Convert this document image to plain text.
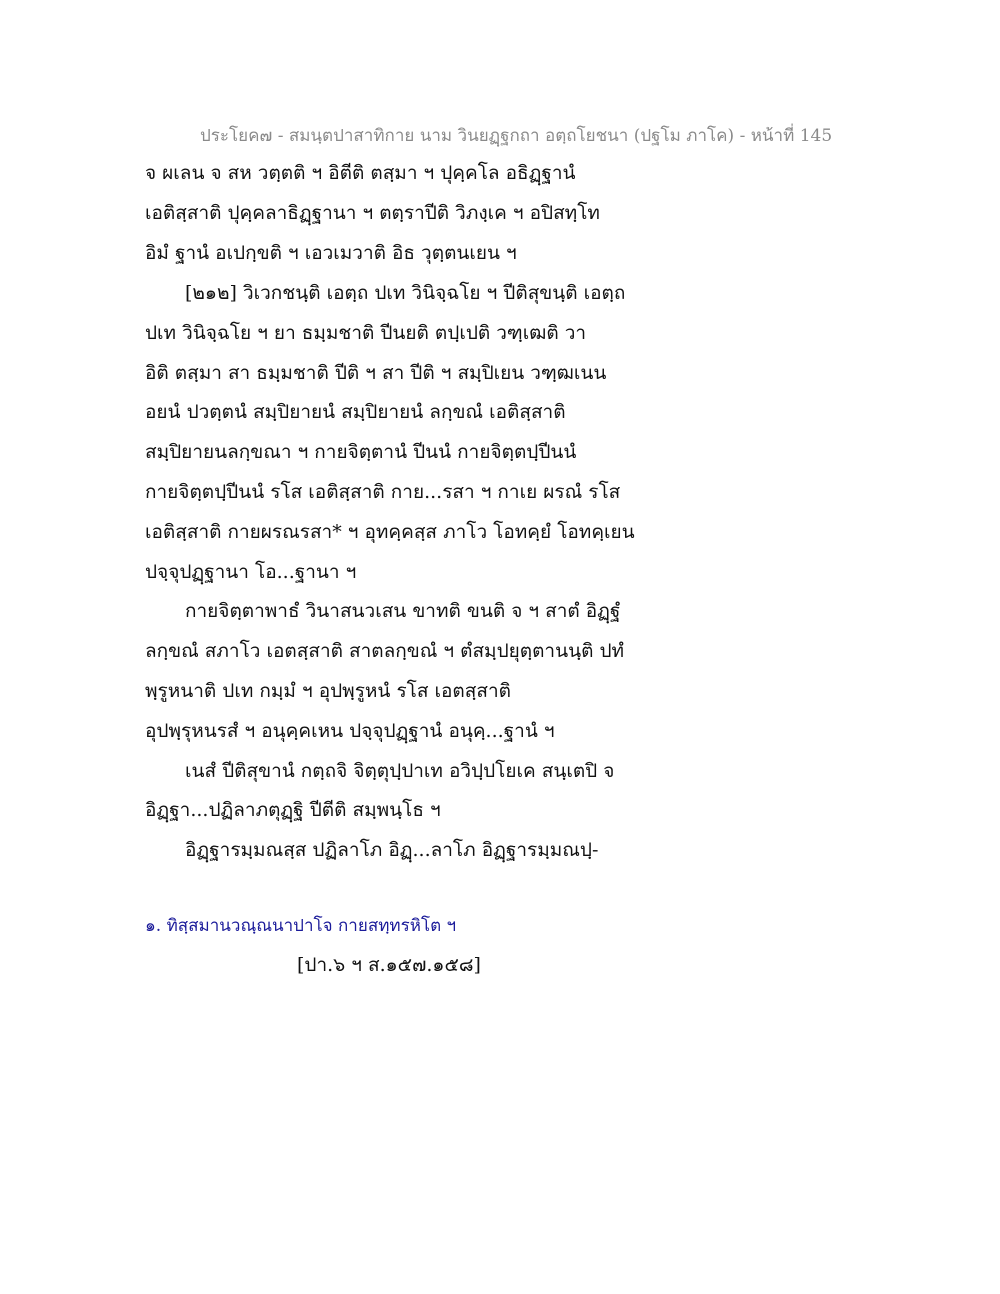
ประโยค๗ - สมนฺตปาสาทิกาย นาม วินยฏฺฐกถา อตฺถโยชนา (ปฐโม ภาโค) - หน้าที่ 145
จ ผเลน จ สห วตฺตติ ฯ อิตีติ ตสฺมา ฯ ปุคฺคโล อธิฏฺฐานํ
เอติสฺสาติ ปุคฺคลาธิฏฺฐานา ฯ ตตฺราปีติ วิภงฺเค ฯ อปิสทฺโท
อิมํ ฐานํ อเปกฺขติ ฯ เอวเมวาติ อิธ วุตฺตนเยน ฯ
[๒๑๒] วิเวกชนฺติ เอตฺถ ปเท วินิจฺฉโย ฯ ปีติสุขนฺติ เอตฺถ
ปเท วินิจฺฉโย ฯ ยา ธมฺมชาติ ปีนยติ ตปฺเปติ วฑฺเฒติ วา
อิติ ตสฺมา สา ธมฺมชาติ ปีติ ฯ สา ปีติ ฯ สมฺปิเยน วฑฺฒเนน
อยนํ ปวตฺตนํ สมฺปิยายนํ สมฺปิยายนํ ลกฺขณํ เอติสฺสาติ
สมฺปิยายนลกฺขณา ฯ กายจิตฺตานํ ปีนนํ กายจิตฺตปฺปีนนํ
กายจิตฺตปฺปีนนํ รโส เอติสฺสาติ กาย...รสา ฯ กาเย ผรณํ รโส
เอติสฺสาติ กายผรณรสา* ฯ อุทคฺคสฺส ภาโว โอทคฺยํ โอทคฺเยน
ปจฺจุปฏฺฐานา โอ...ฐานา ฯ
กายจิตฺตาพาธํ วินาสนวเสน ขาทติ ขนติ จ ฯ สาตํ อิฏฺฐํ
ลกฺขณํ สภาโว เอตสฺสาติ สาตลกฺขณํ ฯ ตํสมฺปยุตฺตานนฺติ ปทํ
พฺรูหนาติ ปเท กมฺมํ ฯ อุปพฺรูหนํ รโส เอตสฺสาติ
อุปพฺรุหนรสํ ฯ อนุคฺคเหน ปจฺจุปฏฺฐานํ อนุคฺ...ฐานํ ฯ
เนสํ ปีติสุขานํ กตฺถจิ จิตฺตุปฺปาเท อวิปฺปโยเค สนฺเตปิ จ
อิฏฺฐา...ปฏิลาภตุฏฺฐิ ปีตีติ สมฺพนฺโธ ฯ
อิฏฺฐารมฺมณสฺส ปฏิลาโภ อิฏฺ...ลาโภ อิฏฺฐารมฺมณปฺ-
๑. ทิสฺสมานวณฺณนาปาโจ กายสทฺทรหิโต ฯ
[ปา.๖ ฯ ส.๑๕๗.๑๕๘]
